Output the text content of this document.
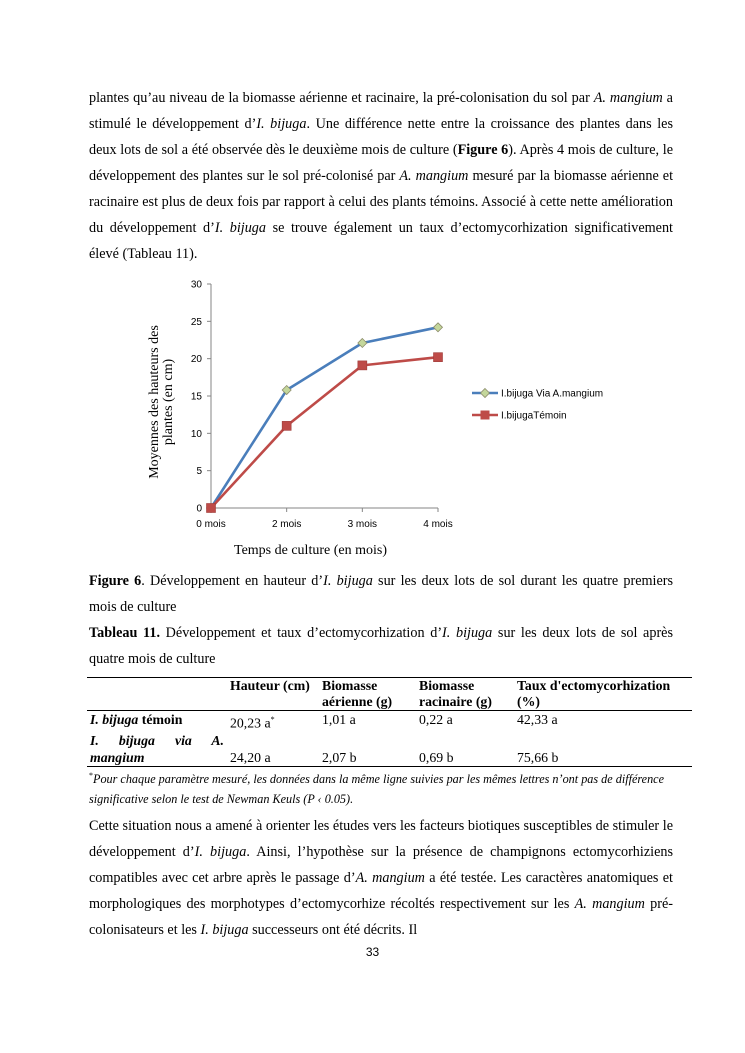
plantes qu’au niveau de la biomasse aérienne et racinaire, la pré-colonisation du sol par A. mangium a stimulé le développement d’I. bijuga. Une différence nette entre la croissance des plantes dans les deux lots de sol a été observée dès le deuxième mois de culture (Figure 6). Après 4 mois de culture, le développement des plantes sur le sol pré-colonisé par A. mangium mesuré par la biomasse aérienne et racinaire est plus de deux fois par rapport à celui des plants témoins. Associé à cette nette amélioration du développement d’I. bijuga se trouve également un taux d’ectomycorhization significativement élevé (Tableau 11).

0
5
10
15
20
25
30
0 mois	2 mois	3 mois	4 mois
Moyennes des hauteurs desplantes (en cm)
Temps de culture (en mois)
I.bijuga Via A.mangium
I.bijugaTémoin
Figure 6. Développement en hauteur d’I. bijuga sur les deux lots de sol durant les quatre premiers mois de culture
Tableau 11. Développement et taux d’ectomycorhization d’I. bijuga sur les deux lots de sol après quatre mois de culture
	Hauteur (cm)	Biomasse aérienne (g)	Biomasse racinaire (g)	Taux d'ectomycorhization (%)
I. bijuga témoin	20,23 a*	1,01 a	0,22 a	42,33 a
I. bijuga via A. mangium	24,20 a	2,07 b	0,69 b	75,66 b
*Pour chaque paramètre mesuré, les données dans la même ligne suivies par les mêmes lettres n’ont pas de différence significative selon le test de Newman Keuls (P ‹ 0.05).

Cette situation nous a amené à orienter les études vers les facteurs biotiques susceptibles de stimuler le développement d’I. bijuga. Ainsi, l’hypothèse sur la présence de champignons ectomycorhiziens compatibles avec cet arbre après le passage d’A. mangium a été testée. Les caractères anatomiques et morphologiques des morphotypes d’ectomycorhize récoltés respectivement sur les A. mangium pré-colonisateurs et les I. bijuga successeurs ont été décrits. Il

33
